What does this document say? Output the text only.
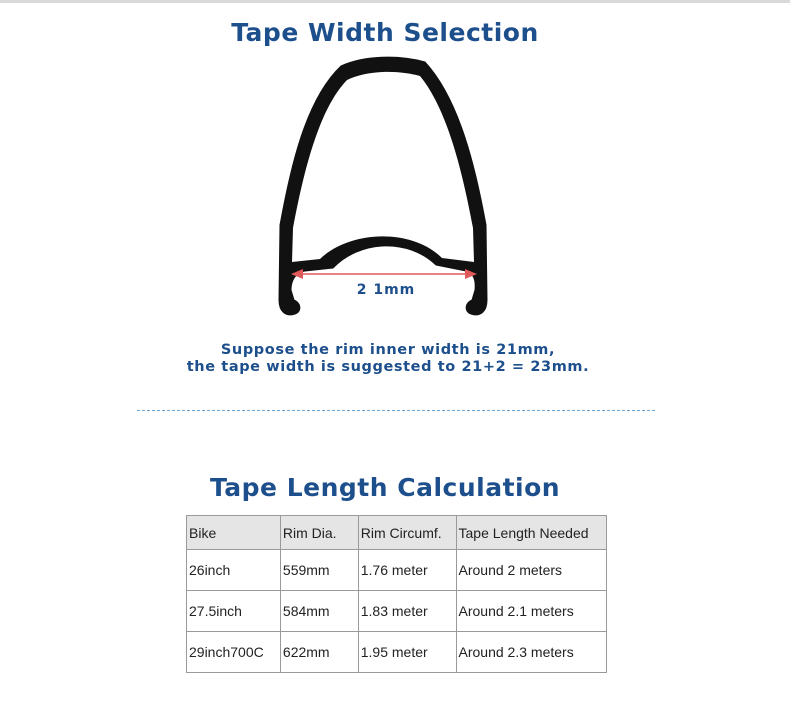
Tape Width Selection
2 1mm
Suppose the rim inner width is 21mm,
the tape width is suggested to 21+2 = 23mm.
Tape Length Calculation
Bike	Rim Dia.	Rim Circumf.	Tape Length Needed
26inch	559mm	1.76 meter	Around 2 meters
27.5inch	584mm	1.83 meter	Around 2.1 meters
29inch700C	622mm	1.95 meter	Around 2.3 meters
